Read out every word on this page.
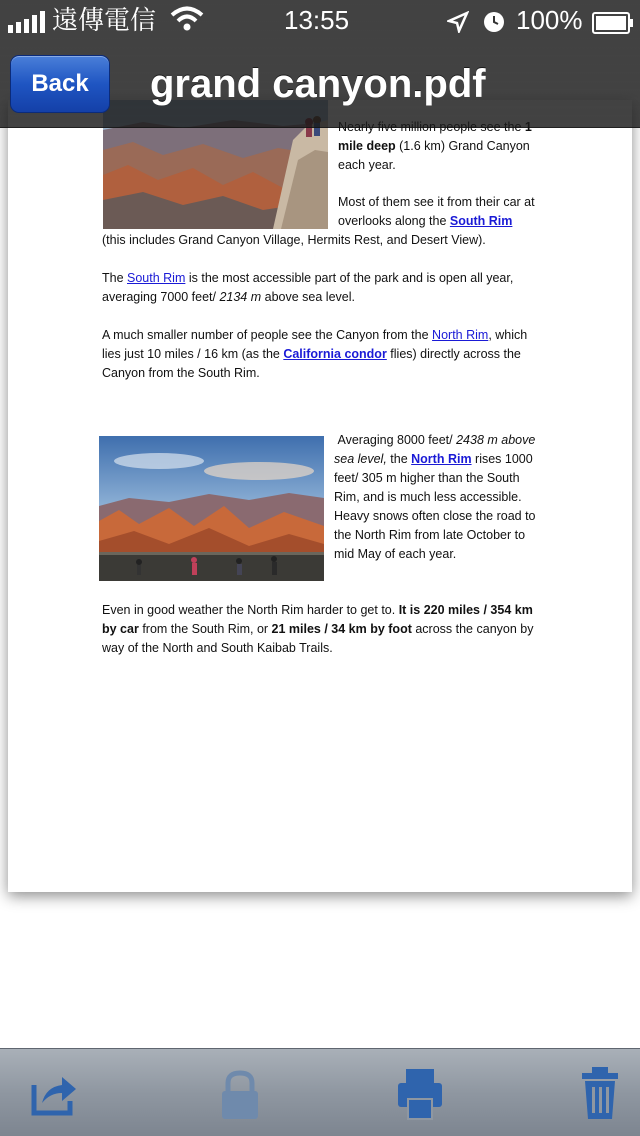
mile deep (1.6 km) Grand Canyon each year.
Most of them see it from their car at overlooks along the South Rim
(this includes Grand Canyon Village, Hermits Rest, and Desert View).
The South Rim is the most accessible part of the park and is open all year, averaging 7000 feet/ 2134 m above sea level.
A much smaller number of people see the Canyon from the North Rim, which lies just 10 miles / 16 km (as the California condor flies) directly across the Canyon from the South Rim.
Averaging 8000 feet/ 2438 m above sea level, the North Rim rises 1000 feet/ 305 m higher than the South Rim, and is much less accessible. Heavy snows often close the road to the North Rim from late October to mid May of each year.
Even in good weather the North Rim harder to get to. It is 220 miles / 354 km by car from the South Rim, or 21 miles / 34 km by foot across the canyon by way of the North and South Kaibab Trails.
遠傳電信	13:55	100%
Back	grand canyon.pdf
